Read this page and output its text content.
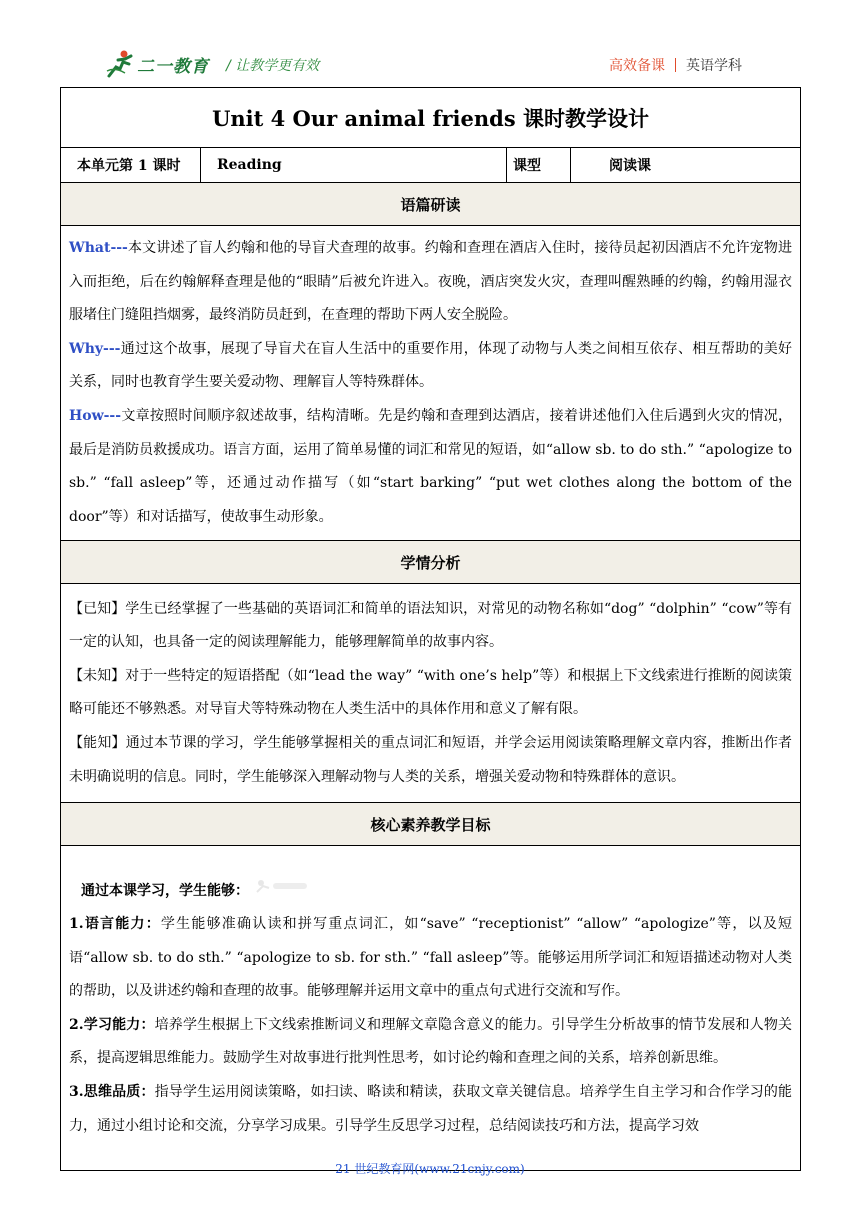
二一教育 / 让教学更有效	高效备课 英语学科
Unit 4 Our animal friends 课时教学设计
本单元第 1 课时	Reading	课型	阅读课
语篇研读

What---本文讲述了盲人约翰和他的导盲犬查理的故事。约翰和查理在酒店入住时，接待员起初因酒店不允许宠物进入而拒绝，后在约翰解释查理是他的“眼睛”后被允许进入。夜晚，酒店突发火灾，查理叫醒熟睡的约翰，约翰用湿衣服堵住门缝阻挡烟雾，最终消防员赶到，在查理的帮助下两人安全脱险。

Why---通过这个故事，展现了导盲犬在盲人生活中的重要作用，体现了动物与人类之间相互依存、相互帮助的美好关系，同时也教育学生要关爱动物、理解盲人等特殊群体。

How---文章按照时间顺序叙述故事，结构清晰。先是约翰和查理到达酒店，接着讲述他们入住后遇到火灾的情况，最后是消防员救援成功。语言方面，运用了简单易懂的词汇和常见的短语，如“allow sb. to do sth.” “apologize to sb.” “fall asleep”等，还通过动作描写（如“start barking” “put wet clothes along the bottom of the door”等）和对话描写，使故事生动形象。

学情分析

【已知】学生已经掌握了一些基础的英语词汇和简单的语法知识，对常见的动物名称如“dog” “dolphin” “cow”等有一定的认知，也具备一定的阅读理解能力，能够理解简单的故事内容。

【未知】对于一些特定的短语搭配（如“lead the way” “with one’s help”等）和根据上下文线索进行推断的阅读策略可能还不够熟悉。对导盲犬等特殊动物在人类生活中的具体作用和意义了解有限。

【能知】通过本节课的学习，学生能够掌握相关的重点词汇和短语，并学会运用阅读策略理解文章内容，推断出作者未明确说明的信息。同时，学生能够深入理解动物与人类的关系，增强关爱动物和特殊群体的意识。

核心素养教学目标

通过本课学习，学生能够：

1.语言能力：学生能够准确认读和拼写重点词汇，如“save” “receptionist” “allow” “apologize”等，以及短语“allow sb. to do sth.” “apologize to sb. for sth.” “fall asleep”等。能够运用所学词汇和短语描述动物对人类的帮助，以及讲述约翰和查理的故事。能够理解并运用文章中的重点句式进行交流和写作。

2.学习能力：培养学生根据上下文线索推断词义和理解文章隐含意义的能力。引导学生分析故事的情节发展和人物关系，提高逻辑思维能力。鼓励学生对故事进行批判性思考，如讨论约翰和查理之间的关系，培养创新思维。

3.思维品质：指导学生运用阅读策略，如扫读、略读和精读，获取文章关键信息。培养学生自主学习和合作学习的能力，通过小组讨论和交流，分享学习成果。引导学生反思学习过程，总结阅读技巧和方法，提高学习效

21 世纪教育网(www.21cnjy.com)
